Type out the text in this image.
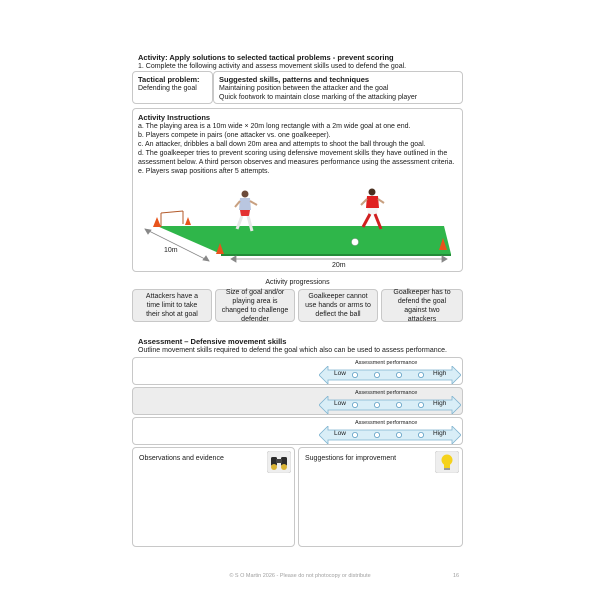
Activity: Apply solutions to selected tactical problems - prevent scoring
1. Complete the following activity and assess movement skills used to defend the goal.
Tactical problem:
Defending the goal
Suggested skills, patterns and techniques
Maintaining position between the attacker and the goal
Quick footwork to maintain close marking of the attacking player
Activity Instructions
a. The playing area is a 10m wide × 20m long rectangle with a 2m wide goal at one end.
b. Players compete in pairs (one attacker vs. one goalkeeper).
c. An attacker, dribbles a ball down 20m area and attempts to shoot the ball through the goal.
d. The goalkeeper tries to prevent scoring using defensive movement skills they have outlined in the
assessment below. A third person observes and measures performance using the assessment criteria.
e. Players swap positions after 5 attempts.
10m
20m
Activity progressions
Attackers have a time limit to take their shot at goal
Size of goal and/or playing area is changed to challenge defender
Goalkeeper cannot use hands or arms to deflect the ball
Goalkeeper has to defend the goal against two attackers
Assessment – Defensive movement skills
Outline movement skills required to defend the goal which also can be used to assess performance.
Assessment performance
Low	High
Assessment performance
Low	High
Assessment performance
Low	High
Observations and evidence	Suggestions for improvement
© S O Martin 2026 - Please do not photocopy or distribute	16
